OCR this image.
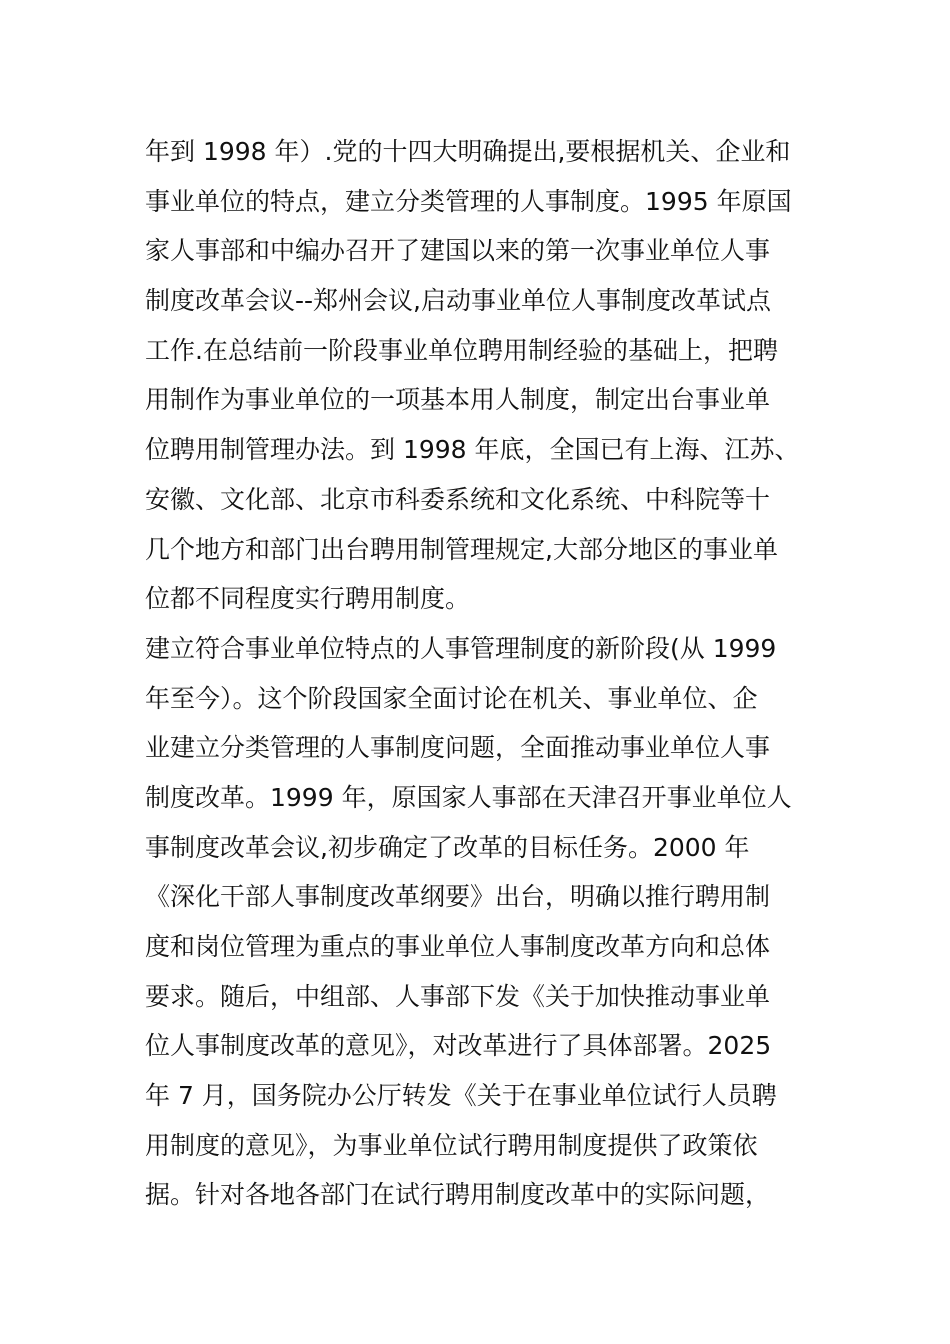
年到 1998 年）.党的十四大明确提出,要根据机关、企业和
事业单位的特点，建立分类管理的人事制度。1995 年原国
家人事部和中编办召开了建国以来的第一次事业单位人事
制度改革会议--郑州会议,启动事业单位人事制度改革试点
工作.在总结前一阶段事业单位聘用制经验的基础上，把聘
用制作为事业单位的一项基本用人制度，制定出台事业单
位聘用制管理办法。到 1998 年底，全国已有上海、江苏、
安徽、文化部、北京市科委系统和文化系统、中科院等十
几个地方和部门出台聘用制管理规定,大部分地区的事业单
位都不同程度实行聘用制度。
建立符合事业单位特点的人事管理制度的新阶段(从 1999
年至今）。这个阶段国家全面讨论在机关、事业单位、企
业建立分类管理的人事制度问题，全面推动事业单位人事
制度改革。1999 年，原国家人事部在天津召开事业单位人
事制度改革会议,初步确定了改革的目标任务。2000 年
《深化干部人事制度改革纲要》出台，明确以推行聘用制
度和岗位管理为重点的事业单位人事制度改革方向和总体
要求。随后，中组部、人事部下发《关于加快推动事业单
位人事制度改革的意见》，对改革进行了具体部署。2025
年 7 月，国务院办公厅转发《关于在事业单位试行人员聘
用制度的意见》，为事业单位试行聘用制度提供了政策依
据。针对各地各部门在试行聘用制度改革中的实际问题，
